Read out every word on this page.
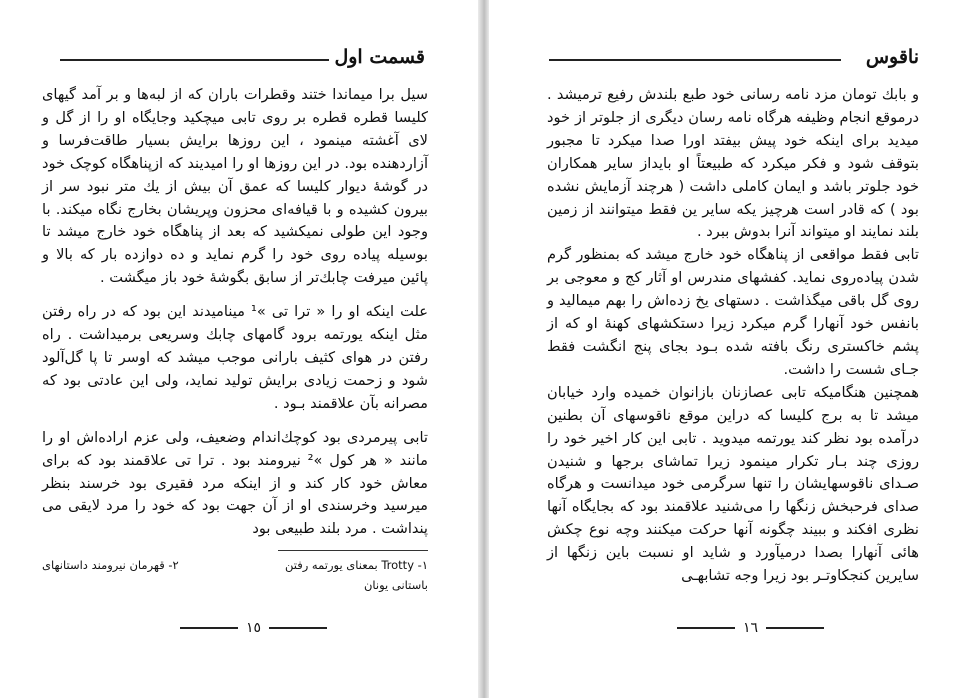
قسمت اول

سیل برا میماندا ختند وقطرات باران که از لبه‌ها و بر آمد گیهای کلیسا قطره قطره بر روی تابی میچکید وجایگاه او را از گل و لای آغشته مینمود ، این روزها برایش بسیار طاقت‌فرسا و آزاردهنده بود. در این روزها او را امیدیند که ازپناهگاه کوچک خود در گوشهٔ دیوار کلیسا که عمق آن بیش از یك متر نبود سر از بیرون کشیده و با قیافه‌ای محزون وپریشان بخارج نگاه میکند. با وجود این طولی نمیکشید که بعد از پناهگاه خود خارج میشد تا بوسیله پیاده روی خود را گرم نماید و ده دوازده بار که بالا و پائین میرفت چابك‌تر از سابق بگوشهٔ خود باز میگشت .

علت اینکه او را « ترا تی »¹ مینامیدند این بود که در راه رفتن مثل اینکه یورتمه برود گامهای چابك وسریعی برمیداشت . راه رفتن در هوای کثیف بارانی موجب میشد که اوسر تا پا گل‌آلود شود و زحمت زیادی برایش تولید نماید، ولی این عادتی بود که مصرانه بآن علاقمند بـود .

تابی پیرمردی بود کوچك‌اندام وضعیف، ولی عزم اراده‌اش او را مانند « هر کول »² نیرومند بود . ترا تی علاقمند بود که برای معاش خود کار کند و از اینکه مرد فقیری بود خرسند بنظر میرسید وخرسندی او از آن جهت بود که خود را مرد لایقی می پنداشت . مرد بلند طبیعی بود

١- Trotty بمعنای یورتمه رفتن
٢- قهرمان نیرومند داستانهای
باستانی یونان
١٥
ناقوس

و بابك تومان مزد نامه رسانی خود طبع بلندش رفیع ترمیشد . درموقع انجام وظیفه هرگاه نامه رسان دیگری از جلوتر از خود میدید برای اینکه خود پیش بیفتد اورا صدا میکرد تا مجبور بتوقف شود و فکر میکرد که طبیعتاً او بایداز سایر همکاران خود جلوتر باشد و ایمان کاملی داشت ( هرچند آزمایش نشده بود ) که قادر است هرچیز یکه سایر ین فقط میتوانند از زمین بلند نمایند او میتواند آنرا بدوش ببرد .

تابی فقط مواقعی از پناهگاه خود خارج میشد که بمنظور گرم شدن پیاده‌روی نماید. کفشهای مندرس او آثار کج و معوجی بر روی گل باقی میگذاشت . دستهای یخ زده‌اش را بهم میمالید و بانفس خود آنهارا گرم میکرد زیرا دستکشهای کهنهٔ او که از پشم خاکستری رنگ بافته شده بـود بجای پنج انگشت فقط جـای شست را داشت.

همچنین هنگامیکه تابی عصازنان بازانوان خمیده وارد خیابان میشد تا به برج کلیسا که دراین موقع ناقوسهای آن بطنین درآمده بود نظر کند یورتمه میدوید . تابی این کار اخیر خود را روزی چند بـار تکرار مینمود زیرا تماشای برجها و شنیدن صـدای ناقوسهایشان را تنها سرگرمی خود میدانست و هرگاه صدای فرحبخش زنگها را می‌شنید علاقمند بود که بجایگاه آنها نظری افکند و ببیند چگونه آنها حرکت میکنند وچه نوع چکش هائی آنهارا بصدا درمیآورد و شاید او نسبت باین زنگها از سایرین کنجکاوتـر بود زیرا وجه تشابهـی

١٦
